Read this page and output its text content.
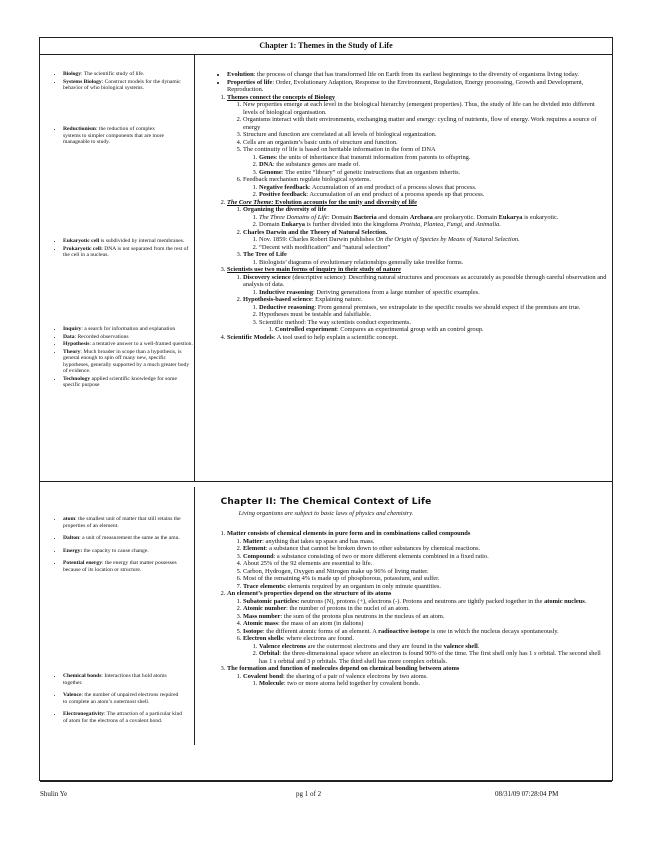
Chapter 1: Themes in the Study of Life
• Biology: The scientific study of life.
• Systems Biology: Construct models for the dynamic behavior of who biological systems.
• Reductionism: the reduction of complex systems to simpler components that are more manageable to study.
• Eukaryotic cell is subdivided by internal membranes.
• Prokaryotic cell: DNA is not separated from the rest of the cell in a nucleus.
• Inquiry: a search for information and explanation
• Data: Recorded observations
• Hypothesis: a tentative answer to a well-framed question.
• Theory: Much broader in scope than a hypothesis, is general enough to spin off many new, specific hypotheses, generally supported by a much greater body of evidence.
• Technology applied scientific knowledge for some specific purpose
• Evolution: the process of change that has transformed life on Earth from its earliest beginnings to the diversity of organisms living today.
• Properties of life: Order, Evolutionary Adaption, Response to the Environment, Regulation, Energy processing, Growth and Development, Reproduction.
1. Themes connect the concepts of Biology
1. New properties emerge at each level in the biological hierarchy (emergent properties). Thus, the study of life can be divided into different levels of biological organisation.
2. Organisms interact with their environments, exchanging matter and energy: cycling of nutrients, flow of energy. Work requires a source of energy
3. Structure and function are correlated at all levels of biological organization.
4. Cells are an organism’s basic units of structure and function.
5. The continuity of life is based on heritable information in the form of DNA
1. Genes: the units of inheritance that transmit information from parents to offspring.
2. DNA: the substance genes are made of.
3. Genome: The entire “library” of genetic instructions that an organism inherits.
6. Feedback mechanism regulate biological systems.
1. Negative feedback: Accumulation of an end product of a process slows that process.
2. Positive feedback: Accumulation of an end product of a process speeds up that process.
2. The Core Theme: Evolution accounts for the unity and diversity of life
1. Organizing the diversity of life
1. The Three Domains of Life: Domain Bacteria and domain Archaea are prokaryotic. Domain Eukarya is eukaryotic.
2. Domain Eukarya is further divided into the kingdoms Protista, Plantea, Fungi, and Animalia.
2. Charles Darwin and the Theory of Natural Selection.
1. Nov. 1859: Charles Robert Darwin publishes On the Origin of Species by Means of Natural Selection.
2. “Decent with modification” and “natural selection”
3. The Tree of Life
1. Biologists’ diagrams of evolutionary relationships generally take treelike forms.
3. Scientists use two main forms of inquiry in their study of nature
1. Discovery science (descriptive science): Describing natural structures and processes as accurately as possible through careful observation and analysis of data.
1. Inductive reasoning: Deriving generations from a large number of specific examples.
2. Hypothesis-based science: Explaining nature.
1. Deductive reasoning: From general premises, we extrapolate to the specific results we should expect if the premises are true.
2. Hypotheses must be testable and falsifiable.
3. Scientific method: The way scientists conduct experiments.
1. Controlled experiment: Compares an experimental group with an control group.
4. Scientific Models: A tool used to help explain a scientific concept.
Chapter II: The Chemical Context of Life
Living organisms are subject to basic laws of physics and chemistry.
• atom: the smallest unit of matter that still retains the properties of an element.
• Dalton: a unit of measurement the same as the amu.
• Energy: the capacity to cause change.
• Potential energy: the energy that matter possesses because of its location or structure.
• Chemical bonds: Interactions that hold atoms together.
• Valence: the number of unpaired electrons required to complete an atom’s outermost shell.
• Electronegativity: The attraction of a particular kind of atom for the electrons of a covalent bond.
1. Matter consists of chemical elements in pure form and in combinations called compounds
1. Matter: anything that takes up space and has mass.
2. Element: a substance that cannot be broken down to other substances by chemical reactions.
3. Compound: a substance consisting of two or more different elements combined in a fixed ratio.
4. About 25% of the 92 elements are essential to life.
5. Carbon, Hydrogen, Oxygen and Nitrogen make up 96% of living matter.
6. Most of the remaining 4% is made up of phosphorous, potassium, and sulfer.
7. Trace elements: elements required by an organism in only minute quantities.
2. An element’s properties depend on the structure of its atoms
1. Subatomic particles: neutrons (N), protons (+), electrons (-). Protons and neutrons are tightly packed together in the atomic nucleus.
2. Atomic number: the number of protons in the nuclei of an atom.
3. Mass number: the sum of the protons plus neutrons in the nucleus of an atom.
4. Atomic mass: the mass of an atom (in daltons)
5. Isotope: the different atomic forms of an element. A radioactive isotope is one in which the nucleus decays spontaneously.
6. Electron shells: where electrons are found.
1. Valence electrons are the outermost electrons and they are found in the valence shell.
2. Orbital: the three-dimensional space where an electron is found 90% of the time. The first shell only has 1 s orbital. The second shell has 1 s orbital and 3 p orbitals. The third shell has more complex orbitals.
3. The formation and function of molecules depend on chemical bonding between atoms
1. Covalent bond: the sharing of a pair of valence electrons by two atoms.
1. Molecule: two or more atoms held together by covalent bonds.
Shulin Ye	pg 1 of 2	08/31/09 07:28:04 PM
